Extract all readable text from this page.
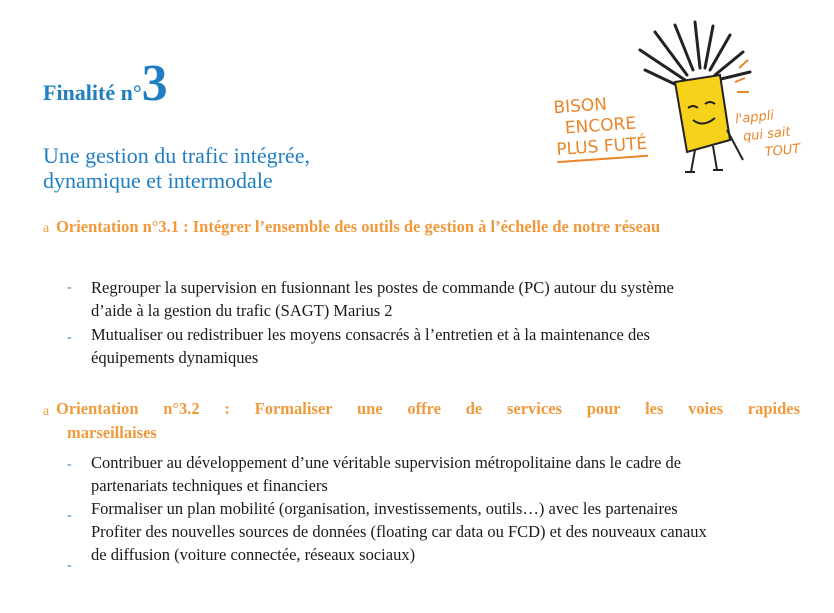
Finalité n°3
Une gestion du trafic intégrée,
dynamique et intermodale
BISON
ENCORE
PLUS FUTÉ
l'appli
qui sait
TOUT
a Orientation n°3.1 : Intégrer l’ensemble des outils de gestion à l’échelle de notre réseau
- Regrouper la supervision en fusionnant les postes de commande (PC) autour du système
d’aide à la gestion du trafic (SAGT) Marius 2
- Mutualiser ou redistribuer les moyens consacrés à l’entretien et à la maintenance des
équipements dynamiques
a Orientation n°3.2 : Formaliser une offre de services pour les voies rapides
marseillaises
- Contribuer au développement d’une véritable supervision métropolitaine dans le cadre de
partenariats techniques et financiers
- Formaliser un plan mobilité (organisation, investissements, outils…) avec les partenaires
Profiter des nouvelles sources de données (floating car data ou FCD) et des nouveaux canaux
de diffusion (voiture connectée, réseaux sociaux)
-
